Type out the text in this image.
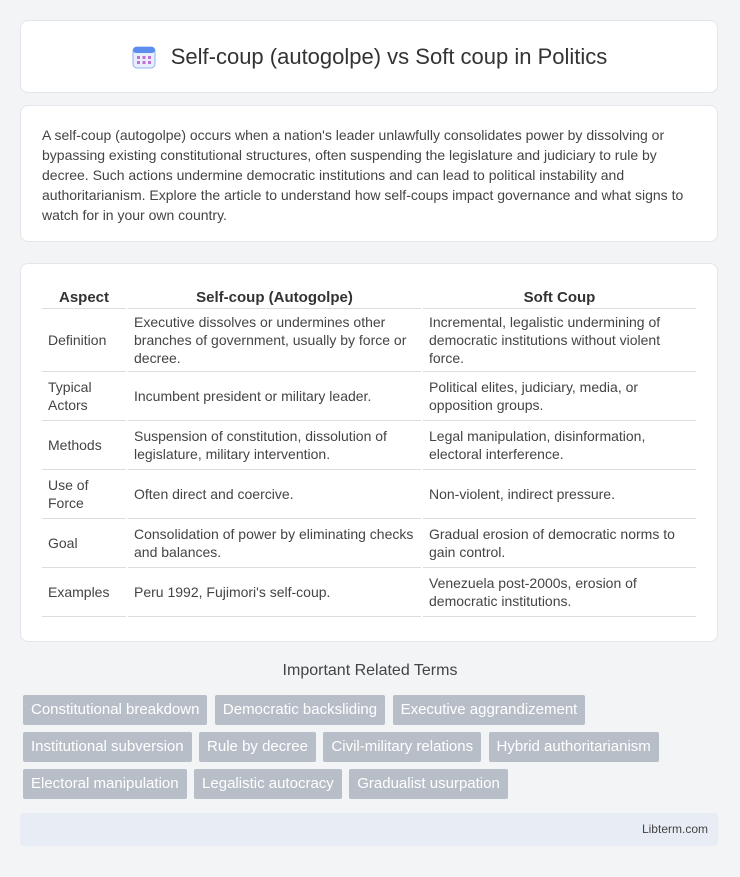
Self-coup (autogolpe) vs Soft coup in Politics

A self-coup (autogolpe) occurs when a nation's leader unlawfully consolidates power by dissolving or bypassing existing constitutional structures, often suspending the legislature and judiciary to rule by decree. Such actions undermine democratic institutions and can lead to political instability and authoritarianism. Explore the article to understand how self-coups impact governance and what signs to watch for in your own country.

Aspect	Self-coup (Autogolpe)	Soft Coup
Definition	Executive dissolves or undermines other branches of government, usually by force or decree.	Incremental, legalistic undermining of democratic institutions without violent force.
Typical Actors	Incumbent president or military leader.	Political elites, judiciary, media, or opposition groups.
Methods	Suspension of constitution, dissolution of legislature, military intervention.	Legal manipulation, disinformation, electoral interference.
Use of Force	Often direct and coercive.	Non-violent, indirect pressure.
Goal	Consolidation of power by eliminating checks and balances.	Gradual erosion of democratic norms to gain control.
Examples	Peru 1992, Fujimori's self-coup.	Venezuela post-2000s, erosion of democratic institutions.
Important Related Terms
Constitutional breakdown Democratic backsliding Executive aggrandizement Institutional subversion Rule by decree Civil-military relations Hybrid authoritarianism Electoral manipulation Legalistic autocracy Gradualist usurpation
Libterm.com
